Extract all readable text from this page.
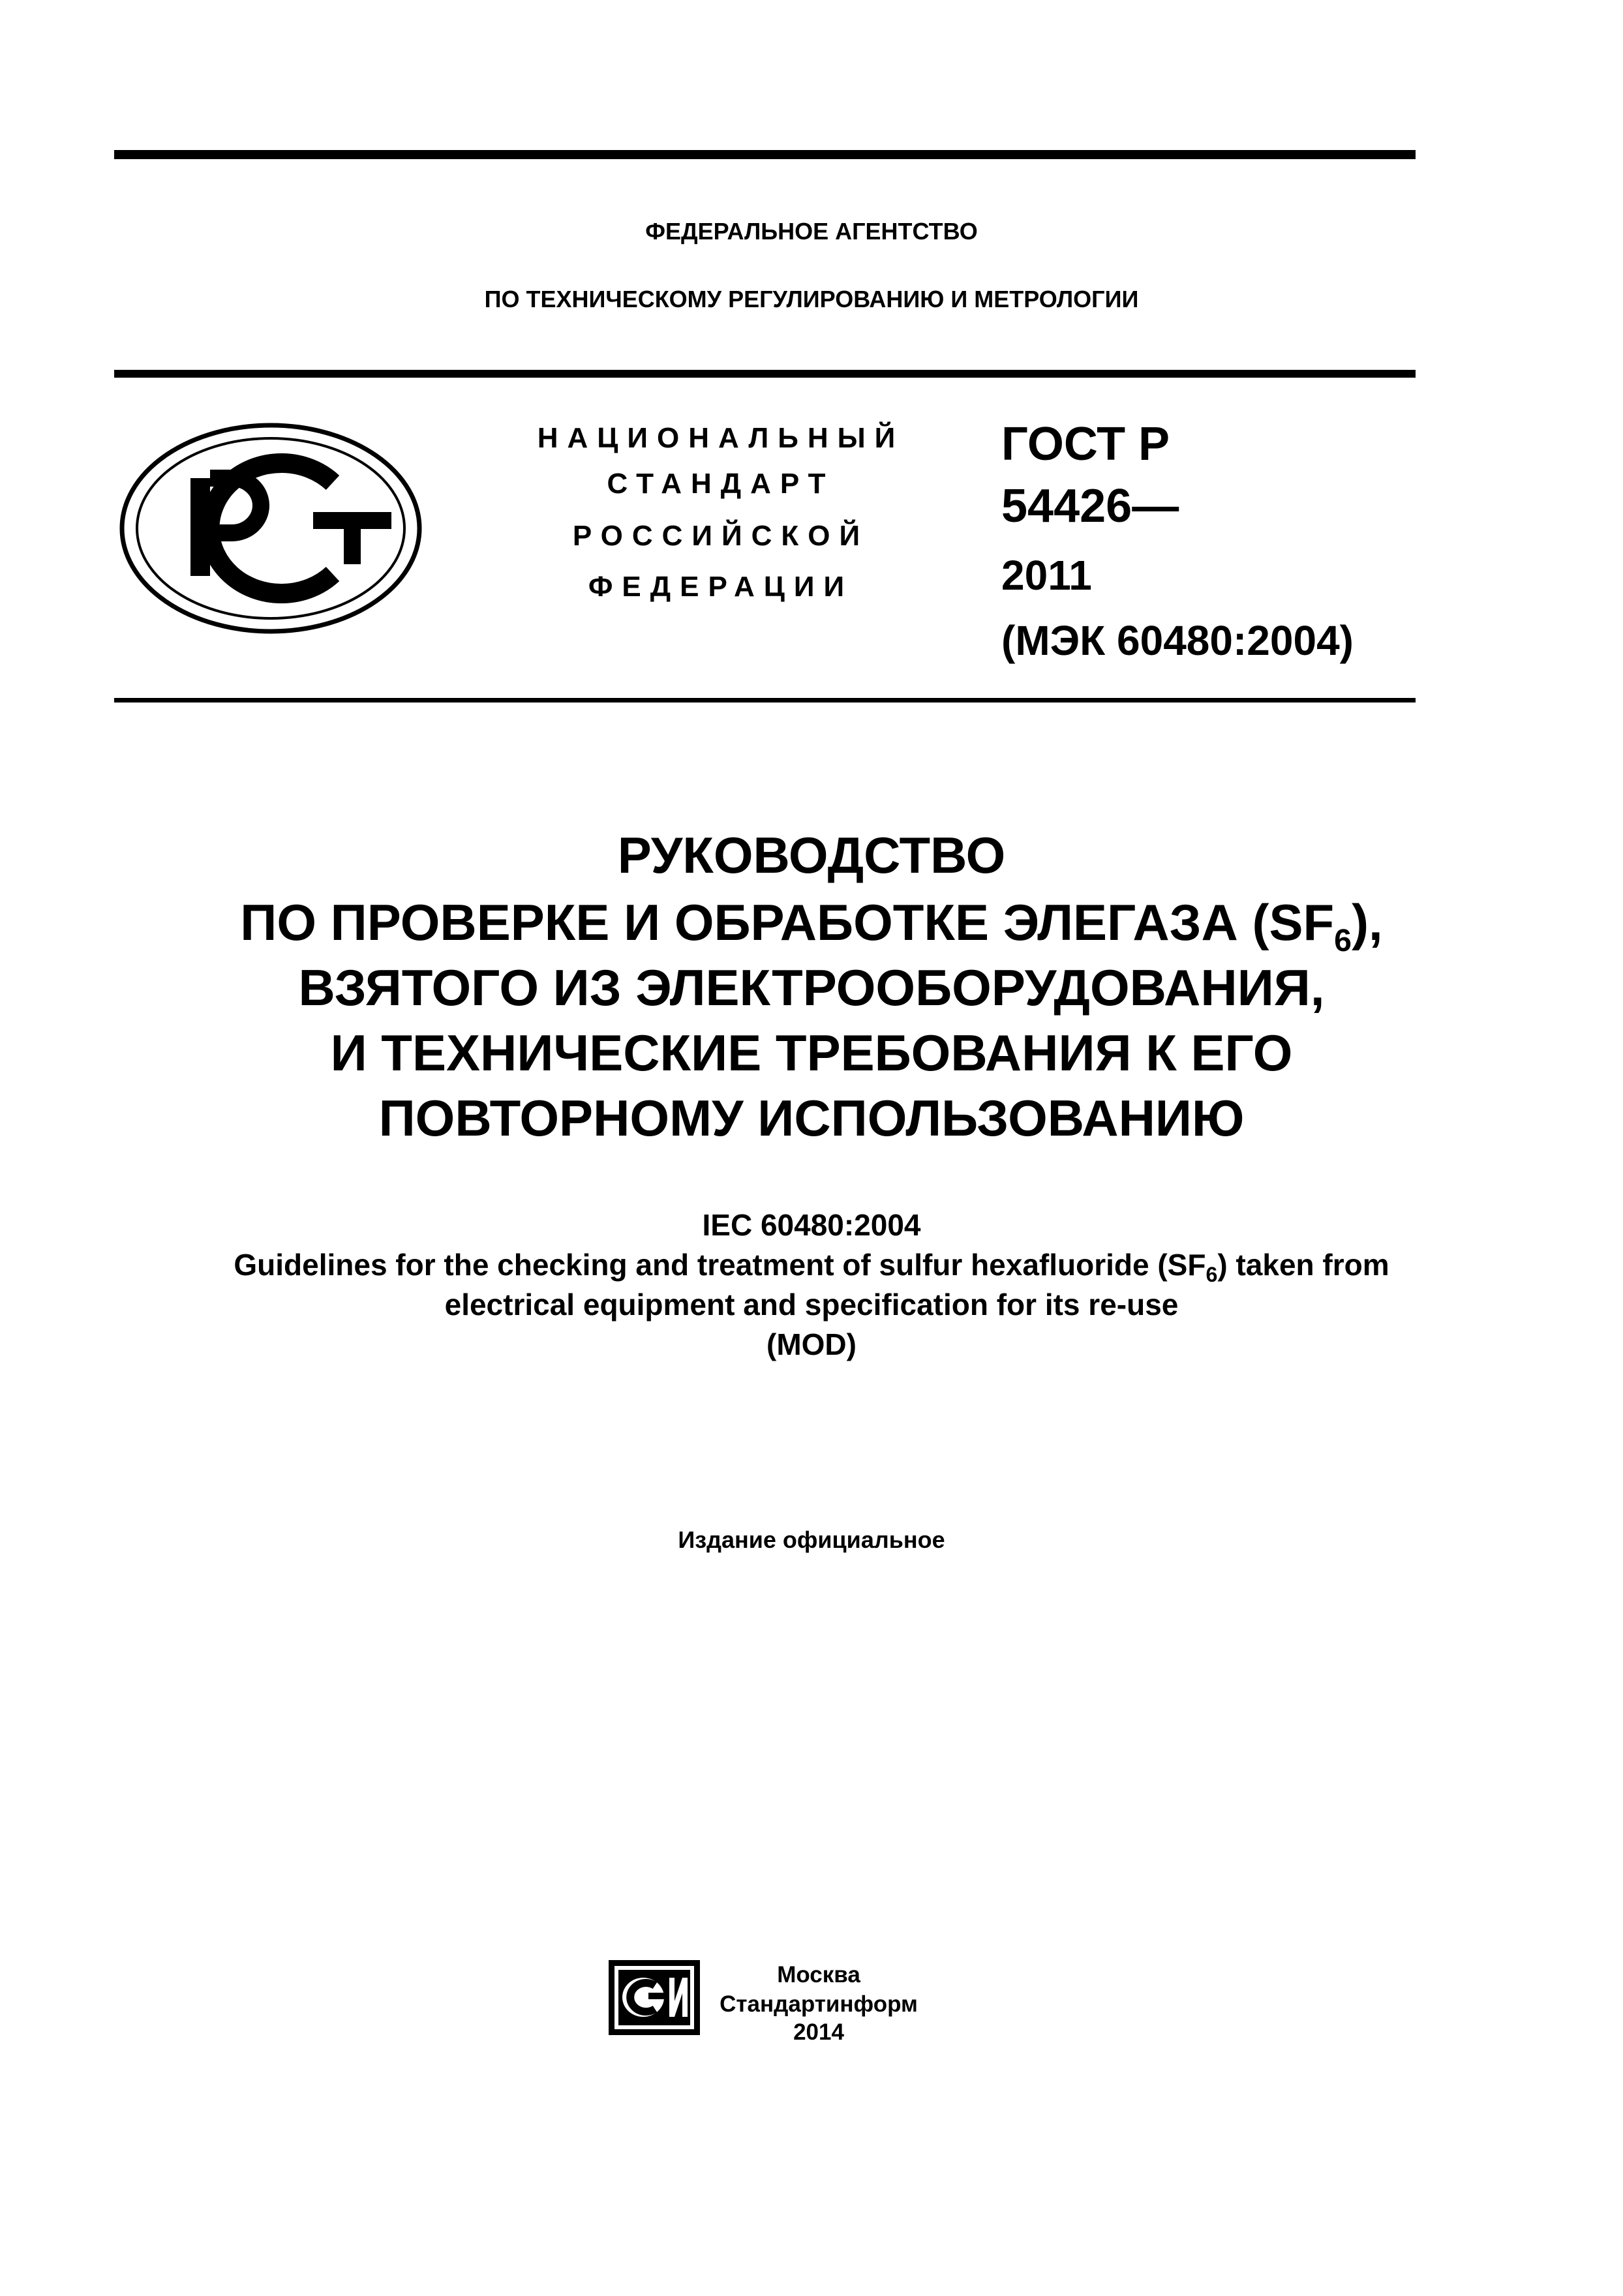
ФЕДЕРАЛЬНОЕ АГЕНТСТВО
ПО ТЕХНИЧЕСКОМУ РЕГУЛИРОВАНИЮ И МЕТРОЛОГИИ
НАЦИОНАЛЬНЫЙ
СТАНДАРТ
РОССИЙСКОЙ
ФЕДЕРАЦИИ
ГОСТ Р
54426—
2011
(МЭК 60480:2004)
РУКОВОДСТВО
ПО ПРОВЕРКЕ И ОБРАБОТКЕ ЭЛЕГАЗА $(SF_6)$,
ВЗЯТОГО ИЗ ЭЛЕКТРООБОРУДОВАНИЯ,
И ТЕХНИЧЕСКИЕ ТРЕБОВАНИЯ К ЕГО
ПОВТОРНОМУ ИСПОЛЬЗОВАНИЮ
IEC 60480:2004
Guidelines for the checking and treatment of sulfur hexafluoride $(SF_6)$ taken from
electrical equipment and specification for its re-use
(MOD)
Издание официальное
Москва
Стандартинформ
2014
